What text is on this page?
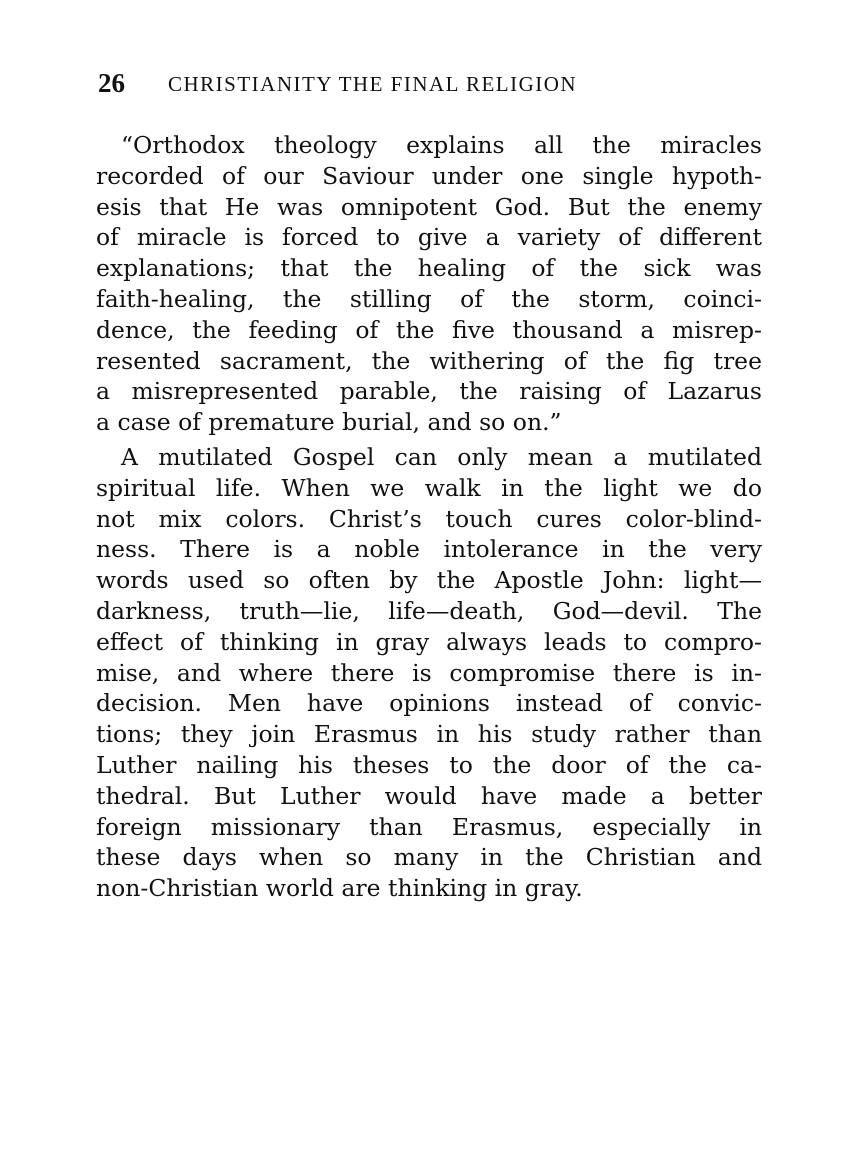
26 CHRISTIANITY THE FINAL RELIGION
“Orthodox theology explains all the miracles
recorded of our Saviour under one single hypoth-
esis that He was omnipotent God. But the enemy
of miracle is forced to give a variety of different
explanations; that the healing of the sick was
faith-healing, the stilling of the storm, coinci-
dence, the feeding of the five thousand a misrep-
resented sacrament, the withering of the fig tree
a misrepresented parable, the raising of Lazarus
a case of premature burial, and so on.”
A mutilated Gospel can only mean a mutilated
spiritual life. When we walk in the light we do
not mix colors. Christ’s touch cures color-blind-
ness. There is a noble intolerance in the very
words used so often by the Apostle John: light—
darkness, truth—lie, life—death, God—devil. The
effect of thinking in gray always leads to compro-
mise, and where there is compromise there is in-
decision. Men have opinions instead of convic-
tions; they join Erasmus in his study rather than
Luther nailing his theses to the door of the ca-
thedral. But Luther would have made a better
foreign missionary than Erasmus, especially in
these days when so many in the Christian and
non-Christian world are thinking in gray.
